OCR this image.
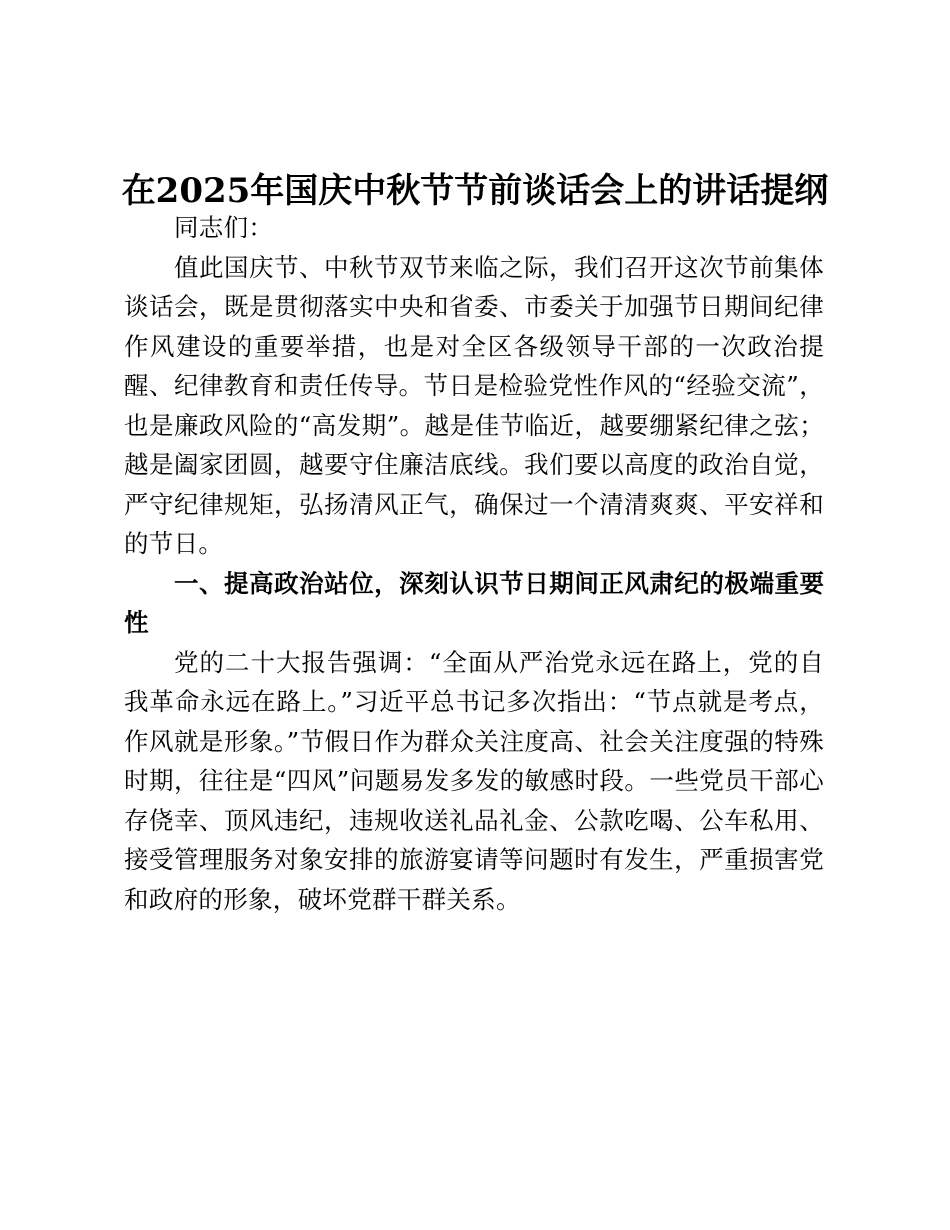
在2025年国庆中秋节节前谈话会上的讲话提纲

同志们：

值此国庆节、中秋节双节来临之际，我们召开这次节前集体谈话会，既是贯彻落实中央和省委、市委关于加强节日期间纪律作风建设的重要举措，也是对全区各级领导干部的一次政治提醒、纪律教育和责任传导。节日是检验党性作风的“经验交流”，也是廉政风险的“高发期”。越是佳节临近，越要绷紧纪律之弦；越是阖家团圆，越要守住廉洁底线。我们要以高度的政治自觉，严守纪律规矩，弘扬清风正气，确保过一个清清爽爽、平安祥和的节日。

一、提高政治站位，深刻认识节日期间正风肃纪的极端重要性

党的二十大报告强调：“全面从严治党永远在路上，党的自我革命永远在路上。”习近平总书记多次指出：“节点就是考点，作风就是形象。”节假日作为群众关注度高、社会关注度强的特殊时期，往往是“四风”问题易发多发的敏感时段。一些党员干部心存侥幸、顶风违纪，违规收送礼品礼金、公款吃喝、公车私用、接受管理服务对象安排的旅游宴请等问题时有发生，严重损害党和政府的形象，破坏党群干群关系。
